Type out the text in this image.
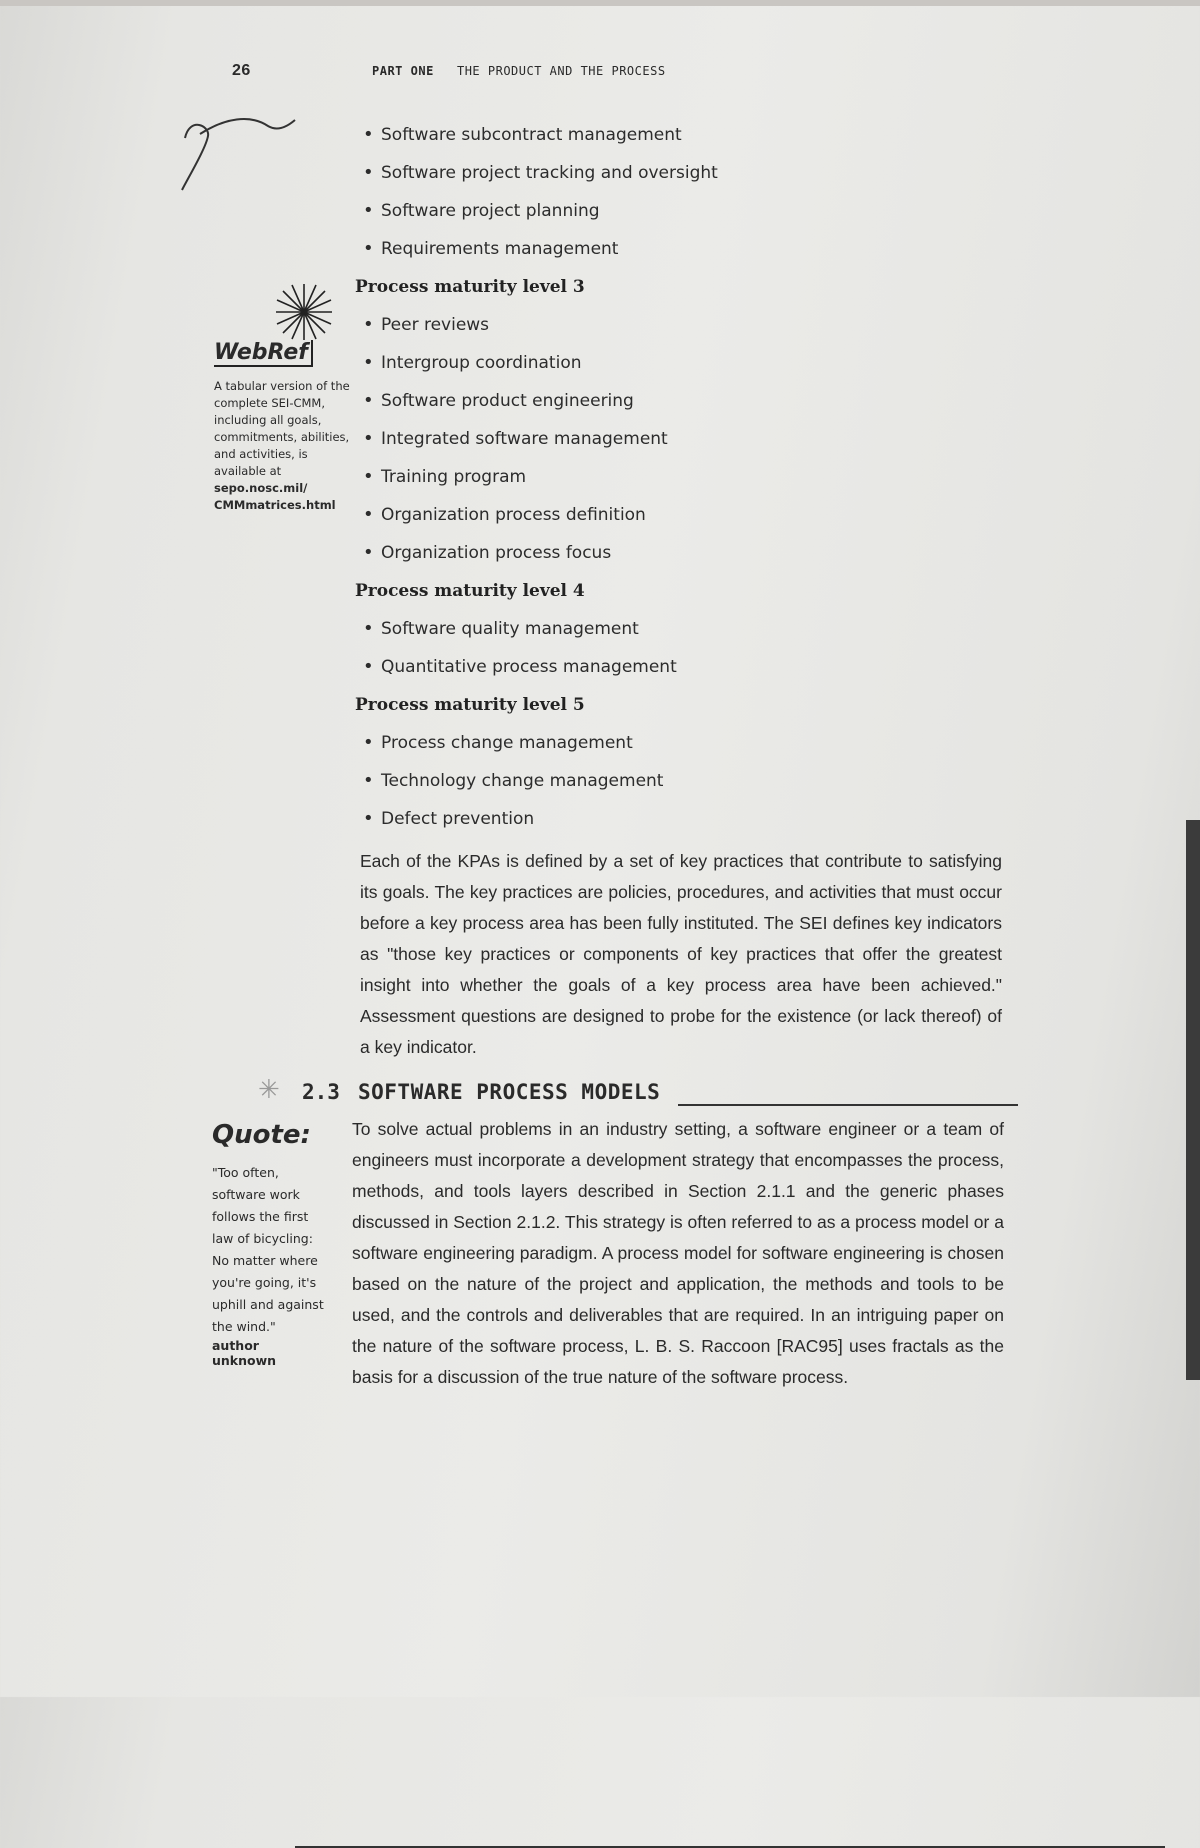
26	PART ONE THE PRODUCT AND THE PROCESS
WebRef
A tabular version of the complete SEI-CMM, including all goals, commitments, abilities, and activities, is available at
sepo.nosc.mil/ CMMmatrices.html
• Software subcontract management
• Software project tracking and oversight
• Software project planning
• Requirements management
Process maturity level 3
• Peer reviews
• Intergroup coordination
• Software product engineering
• Integrated software management
• Training program
• Organization process definition
• Organization process focus
Process maturity level 4
• Software quality management
• Quantitative process management
Process maturity level 5
• Process change management
• Technology change management
• Defect prevention

Each of the KPAs is defined by a set of key practices that contribute to satisfying its goals. The key practices are policies, procedures, and activities that must occur before a key process area has been fully instituted. The SEI defines key indicators as "those key practices or components of key practices that offer the greatest insight into whether the goals of a key process area have been achieved." Assessment questions are designed to probe for the existence (or lack thereof) of a key indicator.

✳ 2.3 SOFTWARE PROCESS MODELS
Quote:
"Too often, software work follows the first law of bicycling: No matter where you're going, it's uphill and against the wind."
author unknown

To solve actual problems in an industry setting, a software engineer or a team of engineers must incorporate a development strategy that encompasses the process, methods, and tools layers described in Section 2.1.1 and the generic phases discussed in Section 2.1.2. This strategy is often referred to as a process model or a software engineering paradigm. A process model for software engineering is chosen based on the nature of the project and application, the methods and tools to be used, and the controls and deliverables that are required. In an intriguing paper on the nature of the software process, L. B. S. Raccoon [RAC95] uses fractals as the basis for a discussion of the true nature of the software process.
